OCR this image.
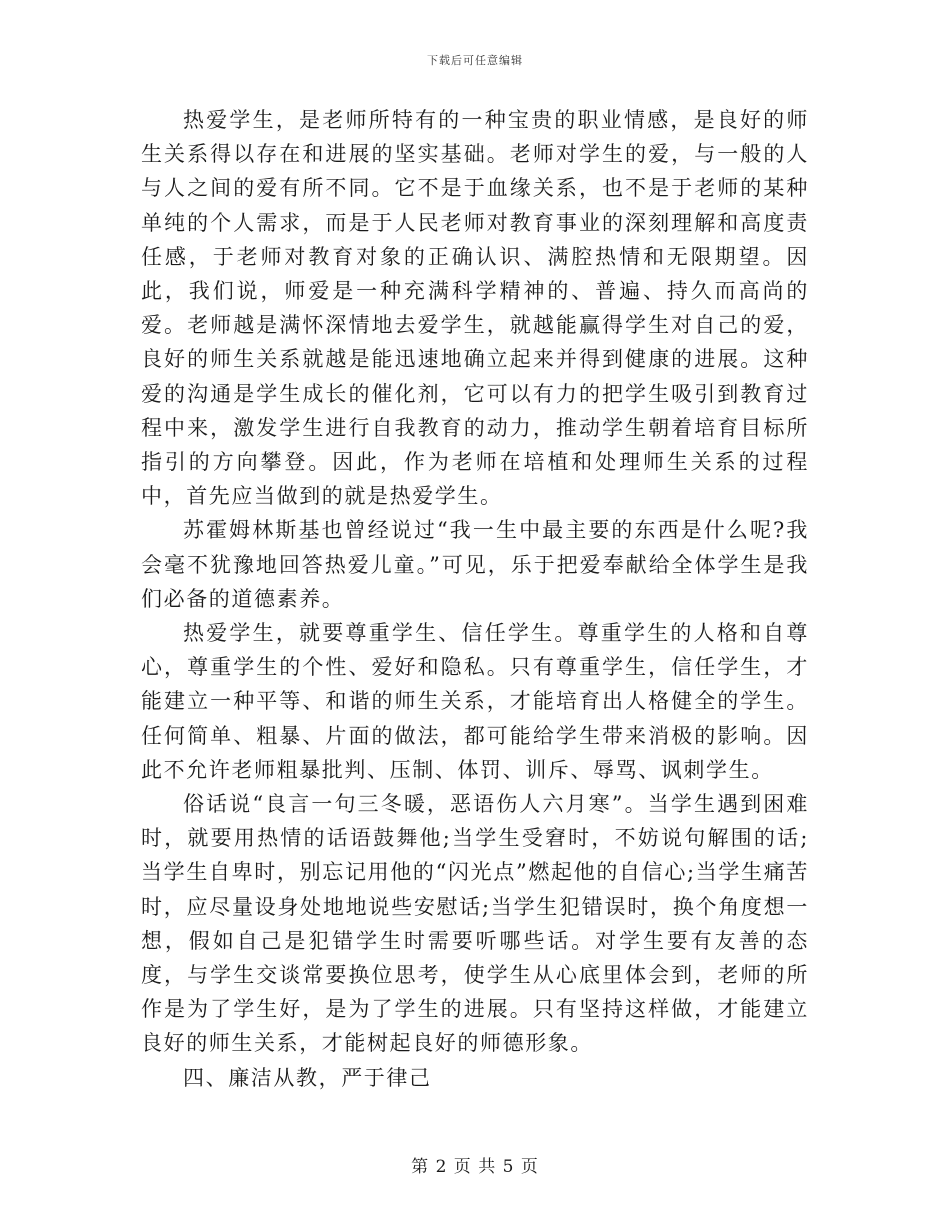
下载后可任意编辑

热爱学生，是老师所特有的一种宝贵的职业情感，是良好的师生关系得以存在和进展的坚实基础。老师对学生的爱，与一般的人与人之间的爱有所不同。它不是于血缘关系，也不是于老师的某种单纯的个人需求，而是于人民老师对教育事业的深刻理解和高度责任感，于老师对教育对象的正确认识、满腔热情和无限期望。因此，我们说，师爱是一种充满科学精神的、普遍、持久而高尚的爱。老师越是满怀深情地去爱学生，就越能赢得学生对自己的爱，良好的师生关系就越是能迅速地确立起来并得到健康的进展。这种爱的沟通是学生成长的催化剂，它可以有力的把学生吸引到教育过程中来，激发学生进行自我教育的动力，推动学生朝着培育目标所指引的方向攀登。因此，作为老师在培植和处理师生关系的过程中，首先应当做到的就是热爱学生。

苏霍姆林斯基也曾经说过“我一生中最主要的东西是什么呢?我会毫不犹豫地回答热爱儿童。”可见，乐于把爱奉献给全体学生是我们必备的道德素养。

热爱学生，就要尊重学生、信任学生。尊重学生的人格和自尊心，尊重学生的个性、爱好和隐私。只有尊重学生，信任学生，才能建立一种平等、和谐的师生关系，才能培育出人格健全的学生。任何简单、粗暴、片面的做法，都可能给学生带来消极的影响。因此不允许老师粗暴批判、压制、体罚、训斥、辱骂、讽刺学生。

俗话说“良言一句三冬暖，恶语伤人六月寒”。当学生遇到困难时，就要用热情的话语鼓舞他;当学生受窘时，不妨说句解围的话;当学生自卑时，别忘记用他的“闪光点”燃起他的自信心;当学生痛苦时，应尽量设身处地地说些安慰话;当学生犯错误时，换个角度想一想，假如自己是犯错学生时需要听哪些话。对学生要有友善的态度，与学生交谈常要换位思考，使学生从心底里体会到，老师的所作是为了学生好，是为了学生的进展。只有坚持这样做，才能建立良好的师生关系，才能树起良好的师德形象。

四、廉洁从教，严于律己

第 2 页 共 5 页
